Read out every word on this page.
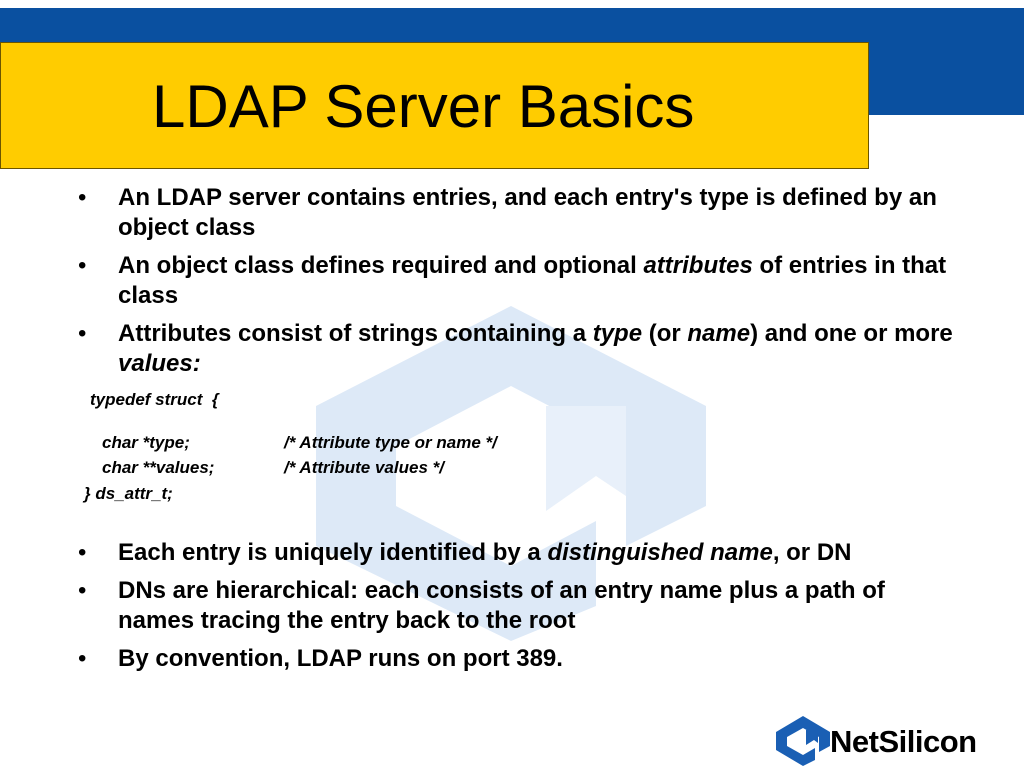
LDAP Server Basics
• An LDAP server contains entries, and each entry's type is defined by an object class
• An object class defines required and optional attributes of entries in that class
• Attributes consist of strings containing a type (or name) and one or more values:
typedef struct  {
char *type;	/* Attribute type or name */
char **values;	/* Attribute values */
} ds_attr_t;
• Each entry is uniquely identified by a distinguished name, or DN
• DNs are hierarchical: each consists of an entry name plus a path of names tracing the entry back to the root
• By convention, LDAP runs on port 389.
NetSilicon
